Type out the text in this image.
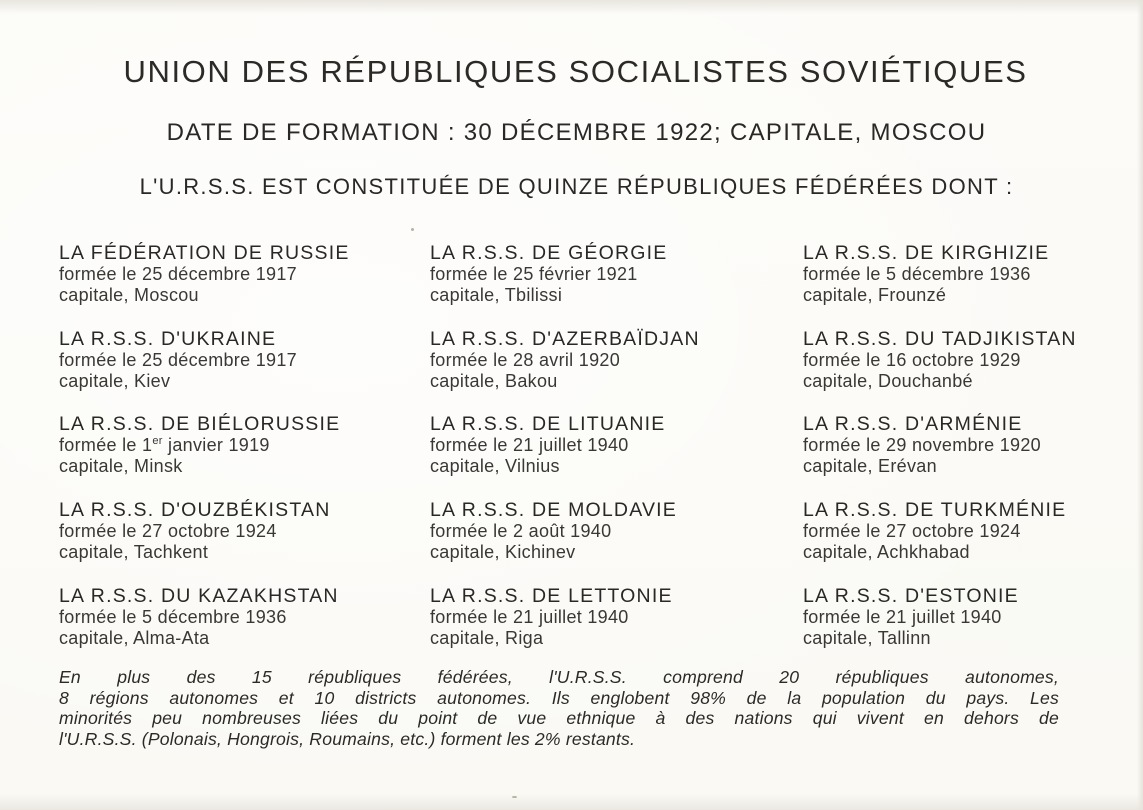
UNION DES RÉPUBLIQUES SOCIALISTES SOVIÉTIQUES
DATE DE FORMATION : 30 DÉCEMBRE 1922; CAPITALE, MOSCOU
L'U.R.S.S. EST CONSTITUÉE DE QUINZE RÉPUBLIQUES FÉDÉRÉES DONT :
LA FÉDÉRATION DE RUSSIE
formée le 25 décembre 1917
capitale, Moscou
LA R.S.S. DE GÉORGIE
formée le 25 février 1921
capitale, Tbilissi
LA R.S.S. DE KIRGHIZIE
formée le 5 décembre 1936
capitale, Frounzé
LA R.S.S. D'UKRAINE
formée le 25 décembre 1917
capitale, Kiev
LA R.S.S. D'AZERBAÏDJAN
formée le 28 avril 1920
capitale, Bakou
LA R.S.S. DU TADJIKISTAN
formée le 16 octobre 1929
capitale, Douchanbé
LA R.S.S. DE BIÉLORUSSIE
formée le 1er janvier 1919
capitale, Minsk
LA R.S.S. DE LITUANIE
formée le 21 juillet 1940
capitale, Vilnius
LA R.S.S. D'ARMÉNIE
formée le 29 novembre 1920
capitale, Erévan
LA R.S.S. D'OUZBÉKISTAN
formée le 27 octobre 1924
capitale, Tachkent
LA R.S.S. DE MOLDAVIE
formée le 2 août 1940
capitale, Kichinev
LA R.S.S. DE TURKMÉNIE
formée le 27 octobre 1924
capitale, Achkhabad
LA R.S.S. DU KAZAKHSTAN
formée le 5 décembre 1936
capitale, Alma-Ata
LA R.S.S. DE LETTONIE
formée le 21 juillet 1940
capitale, Riga
LA R.S.S. D'ESTONIE
formée le 21 juillet 1940
capitale, Tallinn
En plus des 15 républiques fédérées, l'U.R.S.S. comprend 20 républiques autonomes,
8 régions autonomes et 10 districts autonomes. Ils englobent 98% de la population du pays. Les
minorités peu nombreuses liées du point de vue ethnique à des nations qui vivent en dehors de
l'U.R.S.S. (Polonais, Hongrois, Roumains, etc.) forment les 2% restants.
